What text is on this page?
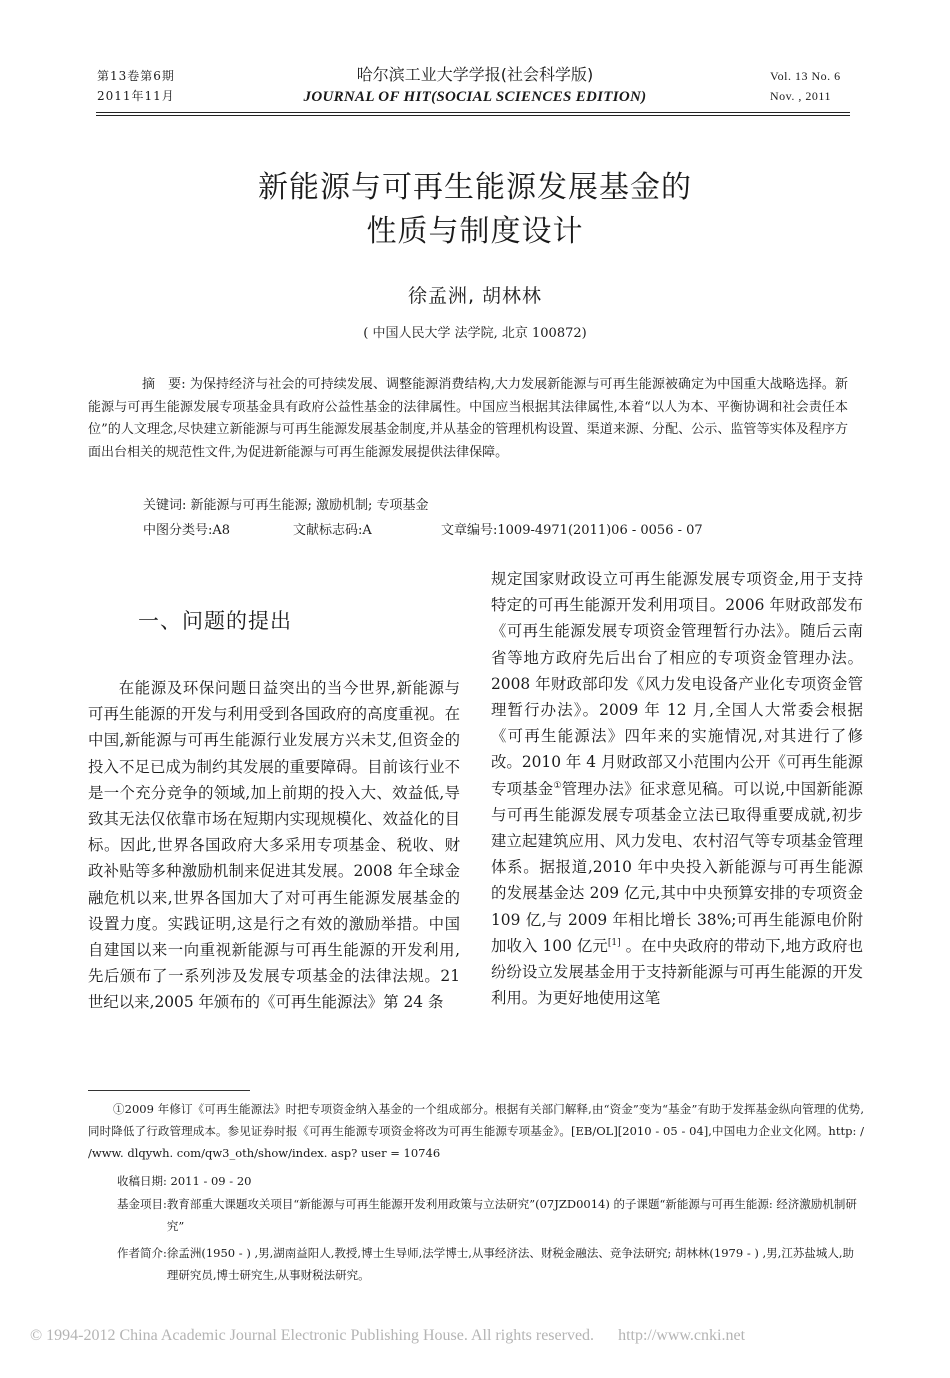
第13卷第6期
2011年11月
哈尔滨工业大学学报(社会科学版)
JOURNAL OF HIT(SOCIAL SCIENCES EDITION)
Vol. 13 No. 6
Nov. , 2011
新能源与可再生能源发展基金的
性质与制度设计
徐孟洲, 胡林林
( 中国人民大学 法学院, 北京 100872)
摘　要: 为保持经济与社会的可持续发展、调整能源消费结构,大力发展新能源与可再生能源被确定为中国重大战略选择。新能源与可再生能源发展专项基金具有政府公益性基金的法律属性。中国应当根据其法律属性,本着“以人为本、平衡协调和社会责任本位”的人文理念,尽快建立新能源与可再生能源发展基金制度,并从基金的管理机构设置、渠道来源、分配、公示、监管等实体及程序方面出台相关的规范性文件,为促进新能源与可再生能源发展提供法律保障。
关键词: 新能源与可再生能源; 激励机制; 专项基金
中图分类号:A8	文献标志码:A	文章编号:1009-4971(2011)06 - 0056 - 07
一、问题的提出
在能源及环保问题日益突出的当今世界,新能源与可再生能源的开发与利用受到各国政府的高度重视。在中国,新能源与可再生能源行业发展方兴未艾,但资金的投入不足已成为制约其发展的重要障碍。目前该行业不是一个充分竞争的领域,加上前期的投入大、效益低,导致其无法仅依靠市场在短期内实现规模化、效益化的目标。因此,世界各国政府大多采用专项基金、税收、财政补贴等多种激励机制来促进其发展。2008 年全球金融危机以来,世界各国加大了对可再生能源发展基金的设置力度。实践证明,这是行之有效的激励举措。中国自建国以来一向重视新能源与可再生能源的开发利用,先后颁布了一系列涉及发展专项基金的法律法规。21 世纪以来,2005 年颁布的《可再生能源法》第 24 条
规定国家财政设立可再生能源发展专项资金,用于支持特定的可再生能源开发利用项目。2006 年财政部发布《可再生能源发展专项资金管理暂行办法》。随后云南省等地方政府先后出台了相应的专项资金管理办法。2008 年财政部印发《风力发电设备产业化专项资金管理暂行办法》。2009 年 12 月,全国人大常委会根据《可再生能源法》四年来的实施情况,对其进行了修改。2010 年 4 月财政部又小范围内公开《可再生能源专项基金①管理办法》征求意见稿。可以说,中国新能源与可再生能源发展专项基金立法已取得重要成就,初步建立起建筑应用、风力发电、农村沼气等专项基金管理体系。据报道,2010 年中央投入新能源与可再生能源的发展基金达 209 亿元,其中中央预算安排的专项资金 109 亿,与 2009 年相比增长 38%;可再生能源电价附加收入 100 亿元[1] 。在中央政府的带动下,地方政府也纷纷设立发展基金用于支持新能源与可再生能源的开发利用。为更好地使用这笔
①2009 年修订《可再生能源法》时把专项资金纳入基金的一个组成部分。根据有关部门解释,由“资金”变为“基金”有助于发挥基金纵向管理的优势,同时降低了行政管理成本。参见证券时报《可再生能源专项资金将改为可再生能源专项基金》。[EB/OL][2010 - 05 - 04],中国电力企业文化网。http: / /www. dlqywh. com/qw3_oth/show/index. asp? user = 10746
收稿日期: 2011 - 09 - 20
基金项目: 教育部重大课题攻关项目“新能源与可再生能源开发利用政策与立法研究”(07JZD0014) 的子课题“新能源与可再生能源: 经济激励机制研究”
作者简介: 徐孟洲(1950 - ) ,男,湖南益阳人,教授,博士生导师,法学博士,从事经济法、财税金融法、竞争法研究; 胡林林(1979 - ) ,男,江苏盐城人,助理研究员,博士研究生,从事财税法研究。
© 1994-2012 China Academic Journal Electronic Publishing House. All rights reserved. http://www.cnki.net
